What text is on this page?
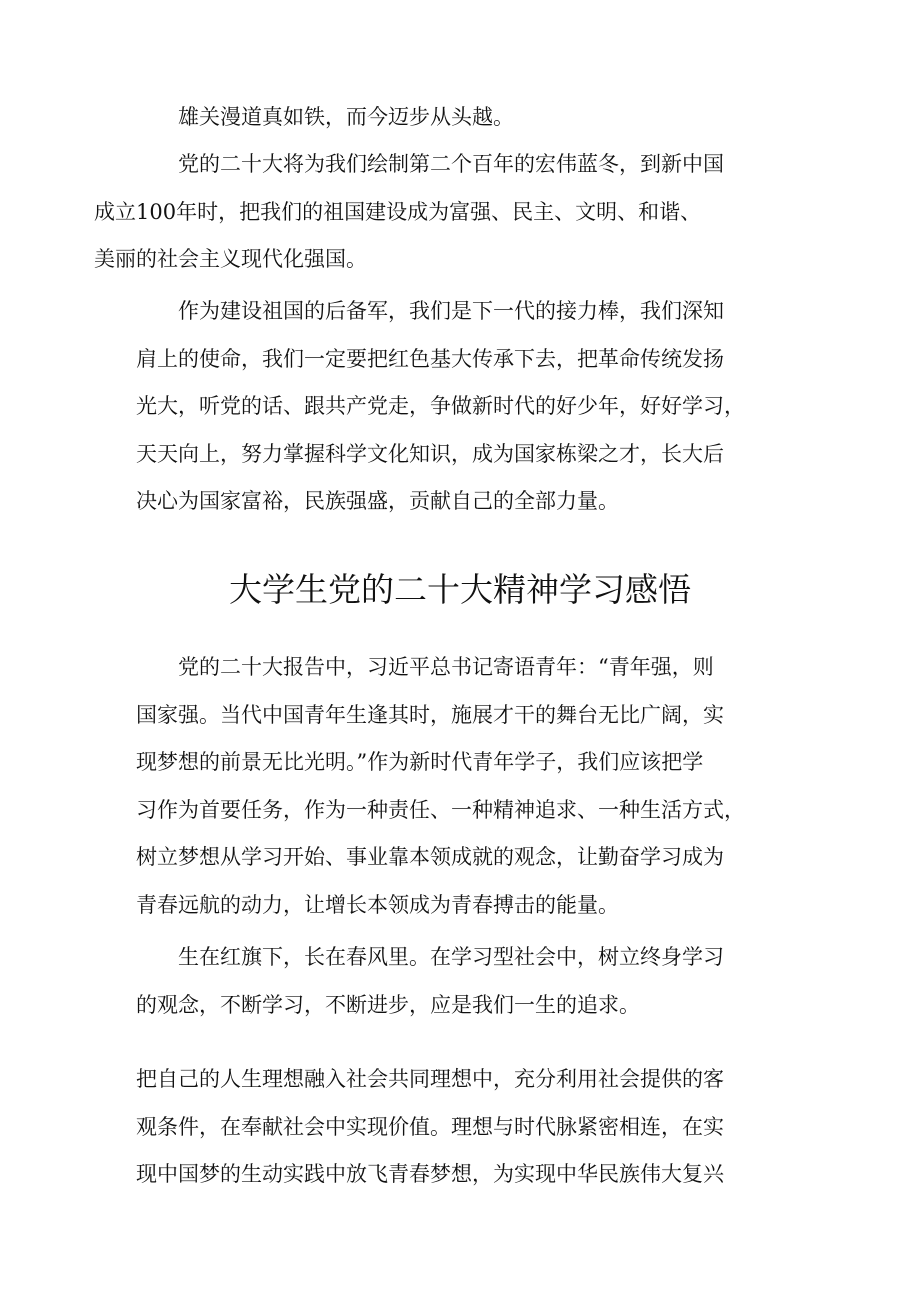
雄关漫道真如铁，而今迈步从头越。

党的二十大将为我们绘制第二个百年的宏伟蓝冬，到新中国
成立100年时，把我们的祖国建设成为富强、民主、文明、和谐、
美丽的社会主义现代化强国。

作为建设祖国的后备军，我们是下一代的接力棒，我们深知
肩上的使命，我们一定要把红色基大传承下去，把革命传统发扬
光大，听党的话、跟共产党走，争做新时代的好少年，好好学习，
天天向上，努力掌握科学文化知识，成为国家栋梁之才，长大后
决心为国家富裕，民族强盛，贡献自己的全部力量。

大学生党的二十大精神学习感悟

党的二十大报告中，习近平总书记寄语青年：“青年强，则
国家强。当代中国青年生逢其时，施展才干的舞台无比广阔，实
现梦想的前景无比光明。”作为新时代青年学子，我们应该把学
习作为首要任务，作为一种责任、一种精神追求、一种生活方式，
树立梦想从学习开始、事业靠本领成就的观念，让勤奋学习成为
青春远航的动力，让增长本领成为青春搏击的能量。

生在红旗下，长在春风里。在学习型社会中，树立终身学习
的观念，不断学习，不断进步，应是我们一生的追求。

把自己的人生理想融入社会共同理想中，充分利用社会提供的客
观条件，在奉献社会中实现价值。理想与时代脉紧密相连，在实
现中国梦的生动实践中放飞青春梦想，为实现中华民族伟大复兴
